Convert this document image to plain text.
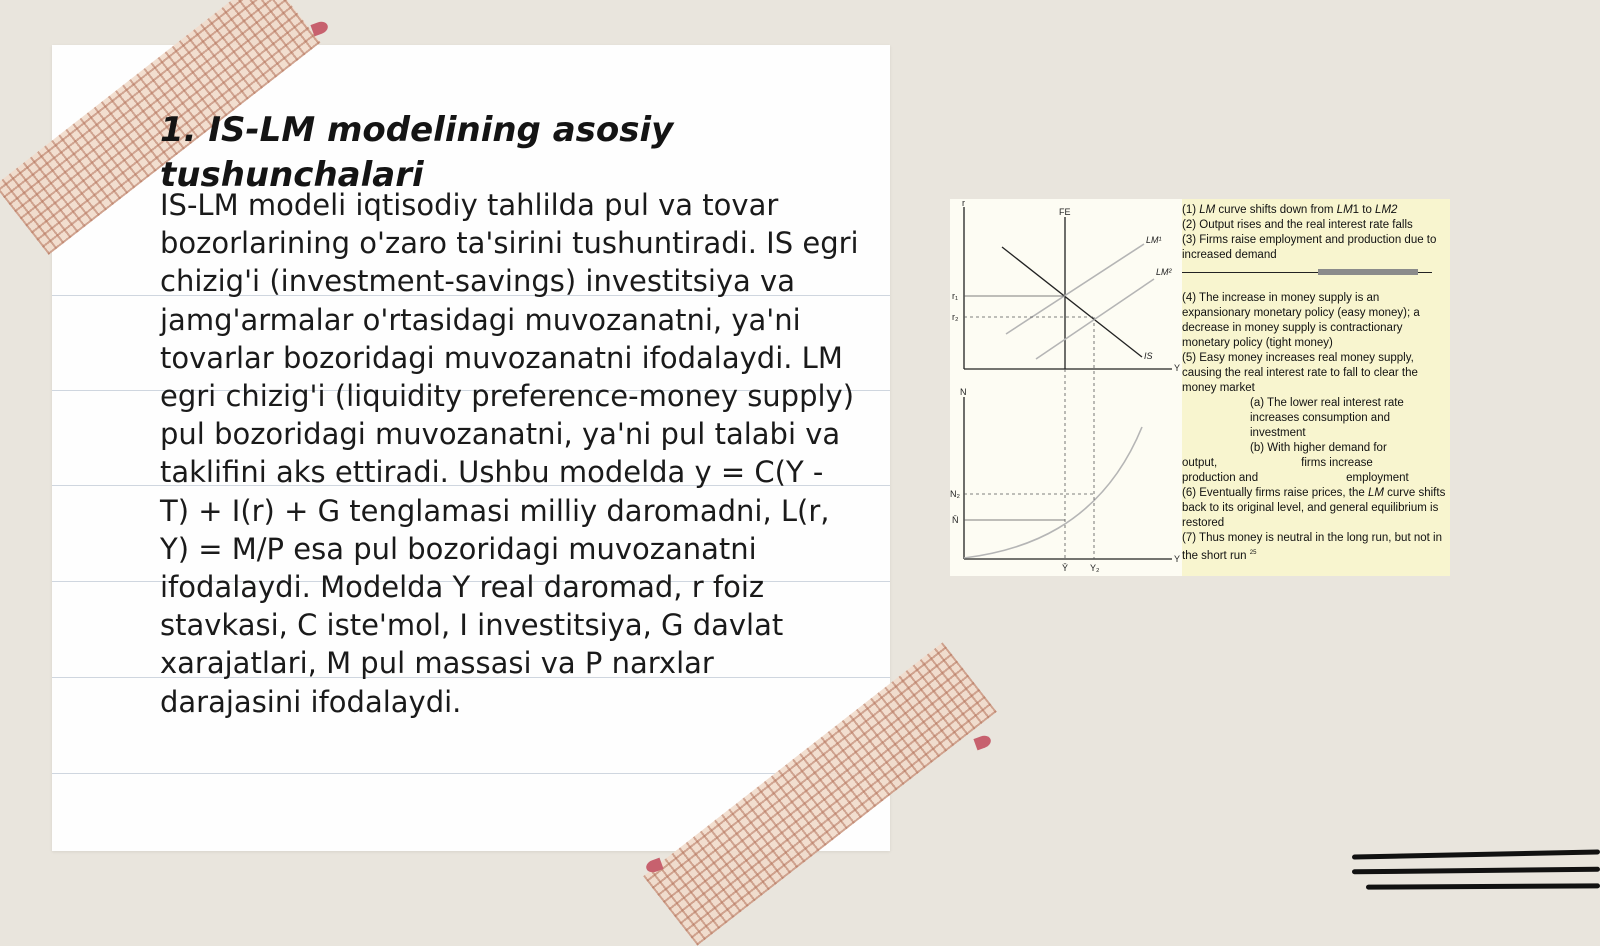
1. IS-LM modelining asosiy tushunchalari

IS-LM modeli iqtisodiy tahlilda pul va tovar bozorlarining o'zaro ta'sirini tushuntiradi. IS egri chizig'i (investment-savings) investitsiya va jamg'armalar o'rtasidagi muvozanatni, ya'ni tovarlar bozoridagi muvozanatni ifodalaydi. LM egri chizig'i (liquidity preference-money supply) pul bozoridagi muvozanatni, ya'ni pul talabi va taklifini aks ettiradi. Ushbu modelda y = C(Y - T) + I(r) + G tenglamasi milliy daromadni, L(r, Y) = M/P esa pul bozoridagi muvozanatni ifodalaydi. Modelda Y real daromad, r foiz stavkasi, C iste'mol, I investitsiya, G davlat xarajatlari, M pul massasi va P narxlar darajasini ifodalaydi.

r
FE
LM¹
LM²
IS
r₁
r₂
Y
N
N₂
N̄
Ȳ Y₂
Y

(1) LM curve shifts down from LM1 to LM2

(2) Output rises and the real interest rate falls

(3) Firms raise employment and production due to increased demand

(4) The increase in money supply is an expansionary monetary policy (easy money); a decrease in money supply is contractionary monetary policy (tight money)

(5) Easy money increases real money supply, causing the real interest rate to fall to clear the money market

(a) The lower real interest rate increases consumption and investment

(b) With higher demand for

output,	firms increase

production and	employment

(6) Eventually firms raise prices, the LM curve shifts back to its original level, and general equilibrium is restored

(7) Thus money is neutral in the long run, but not in the short run $^{25}$
